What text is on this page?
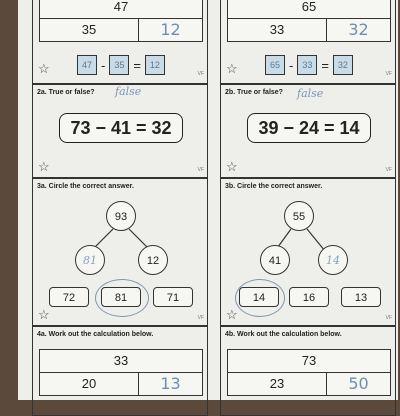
47
35	12
47 - 35 = 12
☆	VF
2a. True or false? false
73 − 41 = 32
☆	VF
3a. Circle the correct answer.
93
81	12
72	81	71
☆	VF
4a. Work out the calculation below.
33
20	13
65
33	32
65 - 33 = 32
☆	VF
2b. True or false? false
39 − 24 = 14
☆	VF
3b. Circle the correct answer.
55
41	14
14	16	13
☆	VF
4b. Work out the calculation below.
73
23	50
